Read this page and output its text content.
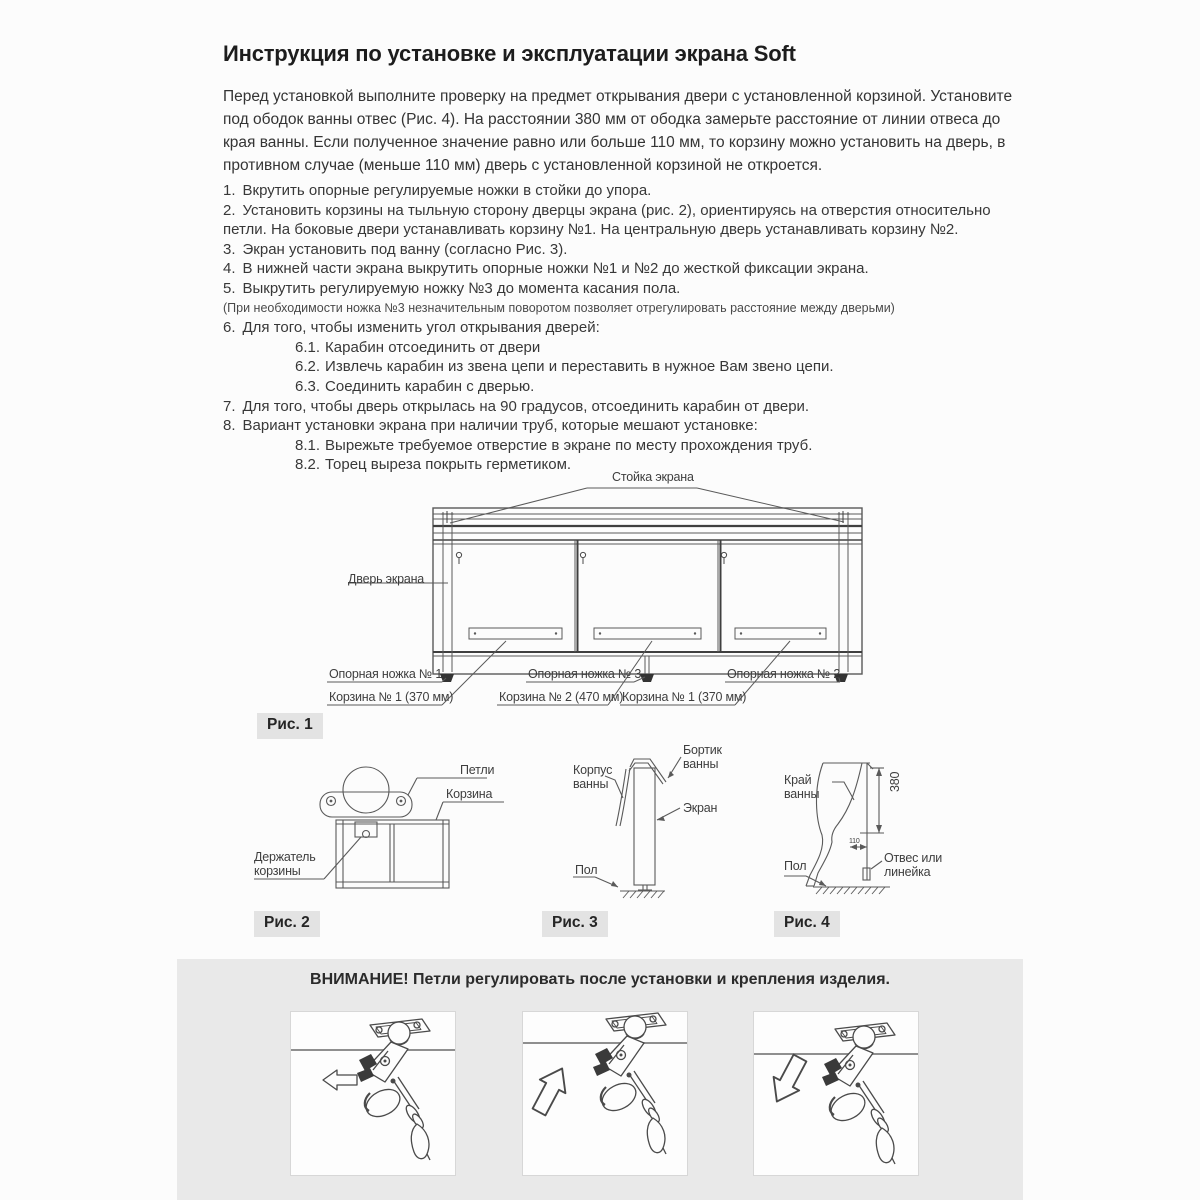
Инструкция по установке и эксплуатации экрана Soft
Перед установкой выполните проверку на предмет открывания двери с установленной корзиной. Установите под ободок ванны отвес (Рис. 4). На расстоянии 380 мм от ободка замерьте расстояние от линии отвеса до края ванны. Если полученное значение равно или больше 110 мм, то корзину можно установить на дверь, в противном случае (меньше 110 мм) дверь с установленной корзиной не откроется.
1. Вкрутить опорные регулируемые ножки в стойки до упора.
2. Установить корзины на тыльную сторону дверцы экрана (рис. 2), ориентируясь на отверстия относительно петли. На боковые двери устанавливать корзину №1. На центральную дверь устанавливать корзину №2.
3. Экран установить под ванну (согласно Рис. 3).
4. В нижней части экрана выкрутить опорные ножки №1 и №2 до жесткой фиксации экрана.
5. Выкрутить регулируемую ножку №3 до момента касания пола.
(При необходимости ножка №3 незначительным поворотом позволяет отрегулировать расстояние между дверьми)
6. Для того, чтобы изменить угол открывания дверей:
6.1. Карабин отсоединить от двери
6.2. Извлечь карабин из звена цепи и переставить в нужное Вам звено цепи.
6.3. Соединить карабин с дверью.
7. Для того, чтобы дверь открылась на 90 градусов, отсоединить карабин от двери.
8. Вариант установки экрана при наличии труб, которые мешают установке:
8.1. Вырежьте требуемое отверстие в экране по месту прохождения труб.
8.2. Торец выреза покрыть герметиком.
Стойка экрана
Дверь экрана
Опорная ножка № 1	Опорная ножка № 3	Опорная ножка № 2
Корзина № 1 (370 мм)	Корзина № 2 (470 мм)
Корзина № 1 (370 мм)
Рис. 1
Петли
Корзина
Держатель корзины
Рис. 2
Корпус ванны
Бортик ванны
Экран
Пол
Рис. 3
Край ванны
380
110
Отвес или линейка
Пол
Рис. 4
ВНИМАНИЕ! Петли регулировать после установки и крепления изделия.
